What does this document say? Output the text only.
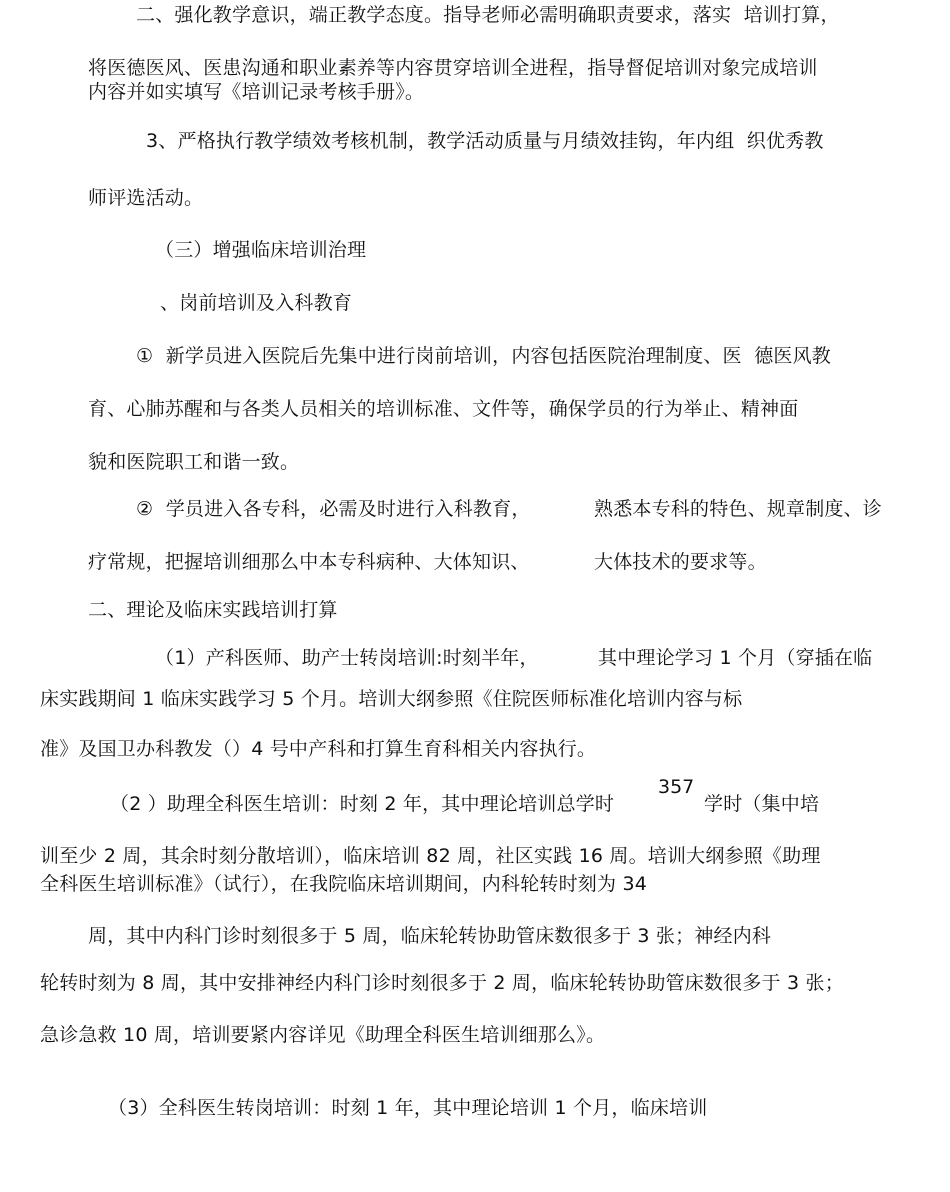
二、强化教学意识，端正教学态度。指导老师必需明确职责要求，落实  培训打算，
将医德医风、医患沟通和职业素养等内容贯穿培训全进程，指导督促培训对象完成培训
内容并如实填写《培训记录考核手册》。
3、严格执行教学绩效考核机制，教学活动质量与月绩效挂钩，年内组  织优秀教
师评选活动。
（三）增强临床培训治理
、岗前培训及入科教育
①  新学员进入医院后先集中进行岗前培训，内容包括医院治理制度、医  德医风教
育、心肺苏醒和与各类人员相关的培训标准、文件等，确保学员的行为举止、精神面
貌和医院职工和谐一致。
②  学员进入各专科，必需及时进行入科教育，	熟悉本专科的特色、规章制度、诊
疗常规，把握培训细那么中本专科病种、大体知识、	大体技术的要求等。
二、理论及临床实践培训打算
（1）产科医师、助产士转岗培训:时刻半年，	其中理论学习 1 个月（穿插在临
床实践期间 1 临床实践学习 5 个月。培训大纲参照《住院医师标准化培训内容与标
准》及国卫办科教发（）4 号中产科和打算生育科相关内容执行。
（2 ）助理全科医生培训：时刻 2 年，其中理论培训总学时
357
学时（集中培
训至少 2 周，其余时刻分散培训），临床培训 82 周，社区实践 16 周。培训大纲参照《助理
全科医生培训标准》（试行），在我院临床培训期间，内科轮转时刻为 34
周，其中内科门诊时刻很多于 5 周，临床轮转协助管床数很多于 3 张；神经内科
轮转时刻为 8 周，其中安排神经内科门诊时刻很多于 2 周，临床轮转协助管床数很多于 3 张；
急诊急救 10 周，培训要紧内容详见《助理全科医生培训细那么》。
（3）全科医生转岗培训：时刻 1 年，其中理论培训 1 个月，临床培训
